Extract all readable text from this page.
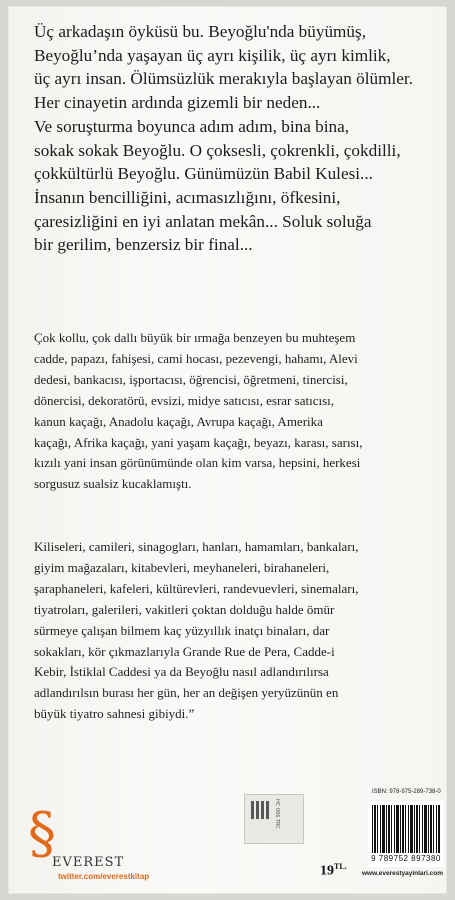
Üç arkadaşın öyküsü bu. Beyoğlu'nda büyümüş,
Beyoğlu’nda yaşayan üç ayrı kişilik, üç ayrı kimlik,
üç ayrı insan. Ölümsüzlük merakıyla başlayan ölümler.
Her cinayetin ardında gizemli bir neden...
Ve soruşturma boyunca adım adım, bina bina,
sokak sokak Beyoğlu. O çoksesli, çokrenkli, çokdilli,
çokkültürlü Beyoğlu. Günümüzün Babil Kulesi...
İnsanın bencilliğini, acımasızlığını, öfkesini,
çaresizliğini en iyi anlatan mekân... Soluk soluğa
bir gerilim, benzersiz bir final...
Çok kollu, çok dallı büyük bir ırmağa benzeyen bu muhteşem
cadde, papazı, fahişesi, cami hocası, pezevengi, hahamı, Alevi
dedesi, bankacısı, işportacısı, öğrencisi, öğretmeni, tinercisi,
dönercisi, dekoratörü, evsizi, midye satıcısı, esrar satıcısı,
kanun kaçağı, Anadolu kaçağı, Avrupa kaçağı, Amerika
kaçağı, Afrika kaçağı, yani yaşam kaçağı, beyazı, karası, sarısı,
kızılı yani insan görünümünde olan kim varsa, hepsini, herkesi
sorgusuz sualsiz kucaklamıştı.
Kiliseleri, camileri, sinagogları, hanları, hamamları, bankaları,
giyim mağazaları, kitabevleri, meyhaneleri, birahaneleri,
şaraphaneleri, kafeleri, kültürevleri, randevuevleri, sinemaları,
tiyatroları, galerileri, vakitleri çoktan dolduğu halde ömür
sürmeye çalışan bilmem kaç yüzyıllık inatçı binaları, dar
sokakları, kör çıkmazlarıyla Grande Rue de Pera, Cadde-i
Kebir, İstiklal Caddesi ya da Beyoğlu nasıl adlandırılırsa
adlandırılsın burası her gün, her an değişen yeryüzünün en
büyük tiyatro sahnesi gibiydi.”
HC 096 TRC
§
EVEREST
twitter.com/everestkitap	$19^{TL.}$
ISBN: 978-975-289-738-0
9 789752 897380
www.everestyayinlari.com
